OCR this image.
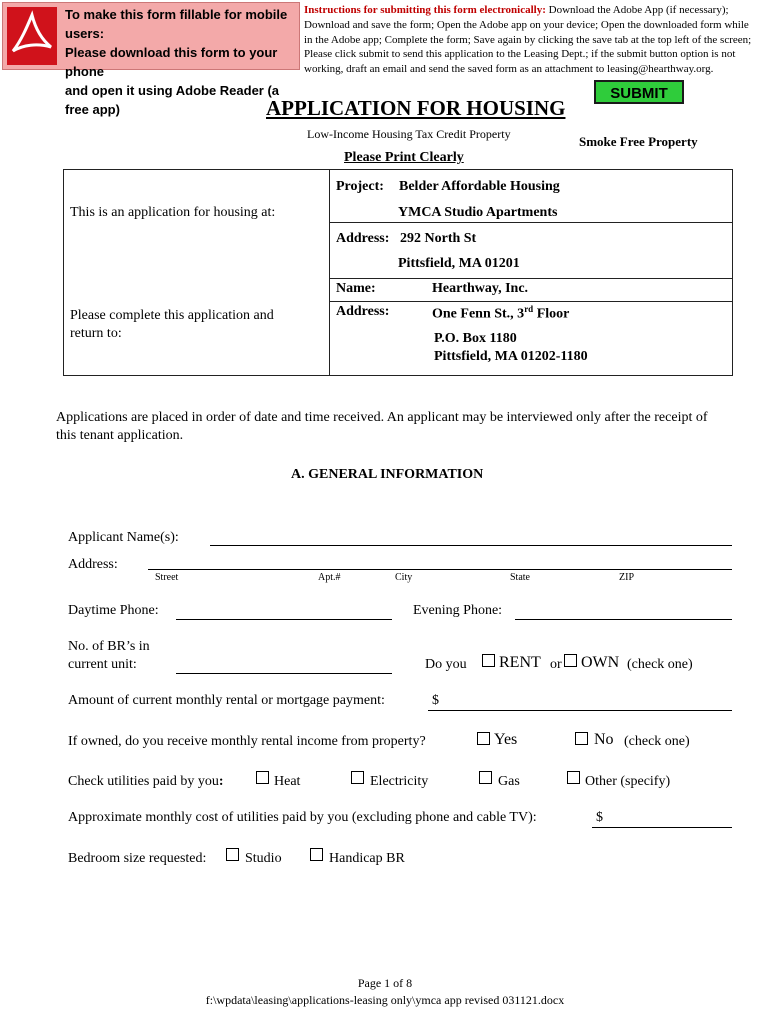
To make this form fillable for mobile users:
Please download this form to your phone
and open it using Adobe Reader (a free app)
Instructions for submitting this form electronically: Download the Adobe App (if necessary); Download and save the form; Open the Adobe app on your device; Open the downloaded form while in the Adobe app; Complete the form; Save again by clicking the save tab at the top left of the screen; Please click submit to send this application to the Leasing Dept.; if the submit button option is not working, draft an email and send the saved form as an attachment to leasing@hearthway.org.
SUBMIT
APPLICATION FOR HOUSING
Low-Income Housing Tax Credit Property	Smoke Free Property
Please Print Clearly
This is an application for housing at:
Please complete this application and return to:
Project: Belder Affordable Housing
YMCA Studio Apartments
Address: 292 North St
Pittsfield, MA 01201
Name:	Hearthway, Inc.
Address:	One Fenn St., 3rd Floor
P.O. Box 1180
Pittsfield, MA 01202-1180
Applications are placed in order of date and time received. An applicant may be interviewed only after the receipt of this tenant application.
A. GENERAL INFORMATION
Applicant Name(s):
Address:
Street	Apt.#	City	State	ZIP
Daytime Phone:	Evening Phone:
No. of BR’s in
current unit:	Do you RENT or OWN (check one)
Amount of current monthly rental or mortgage payment:	$
If owned, do you receive monthly rental income from property?	Yes	No (check one)
Check utilities paid by you:	Heat	Electricity	Gas	Other (specify)
Approximate monthly cost of utilities paid by you (excluding phone and cable TV):	$
Bedroom size requested:	Studio	Handicap BR
Page 1 of 8
f:\wpdata\leasing\applications-leasing only\ymca app revised 031121.docx
